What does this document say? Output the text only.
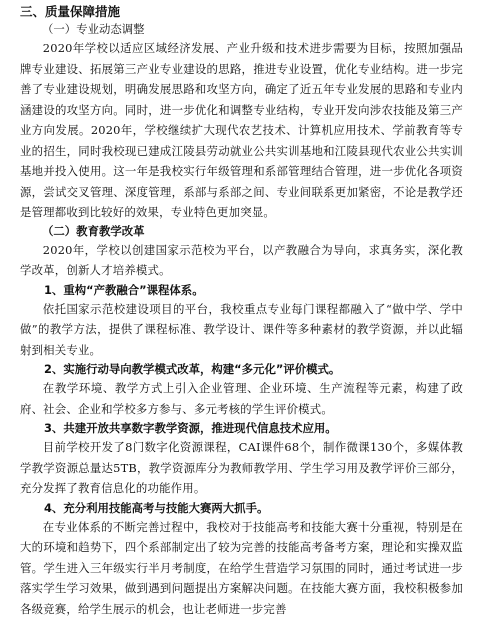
三、质量保障措施
（一）专业动态调整

2020年学校以适应区域经济发展、产业升级和技术进步需要为目标，按照加强品牌专业建设、拓展第三产业专业建设的思路，推进专业设置，优化专业结构。进一步完善了专业建设规划，明确发展思路和攻坚方向，确定了近五年专业发展的思路和专业内涵建设的攻坚方向。同时，进一步优化和调整专业结构，专业开发向涉农技能及第三产业方向发展。2020年，学校继续扩大现代农艺技术、计算机应用技术、学前教育等专业的招生，同时我校现已建成江陵县劳动就业公共实训基地和江陵县现代农业公共实训基地并投入使用。这一年是我校实行年级管理和系部管理结合管理，进一步优化各项资源，尝试交叉管理、深度管理，系部与系部之间、专业间联系更加紧密，不论是教学还是管理都收到比较好的效果，专业特色更加突显。

（二）教育教学改革

2020年，学校以创建国家示范校为平台，以产教融合为导向，求真务实，深化教学改革，创新人才培养模式。

1、重构“产教融合”课程体系。

依托国家示范校建设项目的平台，我校重点专业每门课程都融入了“做中学、学中做”的教学方法，提供了课程标准、教学设计、课件等多种素材的教学资源，并以此辐射到相关专业。

2、实施行动导向教学模式改革，构建“多元化”评价模式。

在教学环境、教学方式上引入企业管理、企业环境、生产流程等元素，构建了政府、社会、企业和学校多方参与、多元考核的学生评价模式。

3、共建开放共享数字教学资源，推进现代信息技术应用。

目前学校开发了8门数字化资源课程，CAI课件68个，制作微课130个，多媒体教学教学资源总量达5TB，教学资源库分为教师教学用、学生学习用及教学评价三部分，充分发挥了教育信息化的功能作用。

4、充分利用技能高考与技能大赛两大抓手。

在专业体系的不断完善过程中，我校对于技能高考和技能大赛十分重视，特别是在大的环境和趋势下，四个系部制定出了较为完善的技能高考备考方案，理论和实操双监管。学生进入三年级实行半月考制度，在给学生营造学习氛围的同时，通过考试进一步落实学生学习效果，做到遇到问题提出方案解决问题。在技能大赛方面，我校积极参加各级竞赛，给学生展示的机会，也让老师进一步完善
